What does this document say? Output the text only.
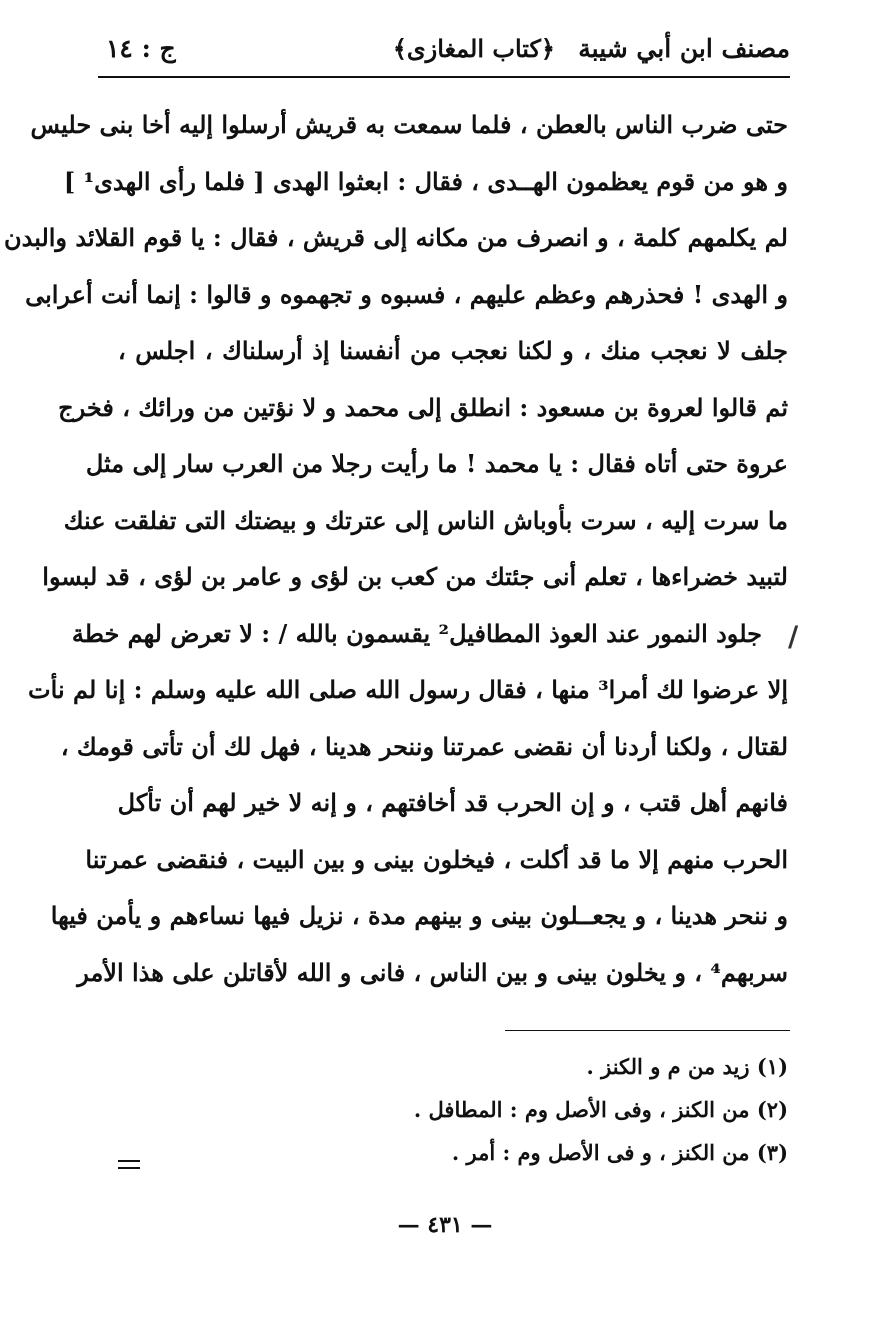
مصنف ابن أبي شيبة
﴿كتاب المغازى﴾
ج : ١٤
حتى ضرب الناس بالعطن ، فلما سمعت به قريش أرسلوا إليه أخا بنى حليس
و هو من قوم يعظمون الهــدى ، فقال : ابعثوا الهدى [ فلما رأى الهدى¹ ]
لم يكلمهم كلمة ، و انصرف من مكانه إلى قريش ، فقال : يا قوم القلائد والبدن
و الهدى ! فحذرهم وعظم عليهم ، فسبوه و تجهموه و قالوا : إنما أنت أعرابى
جلف لا نعجب منك ، و لكنا نعجب من أنفسنا إذ أرسلناك ، اجلس ،
ثم قالوا لعروة بن مسعود : انطلق إلى محمد و لا نؤتين من ورائك ، فخرج
عروة حتى أتاه فقال : يا محمد ! ما رأيت رجلا من العرب سار إلى مثل
ما سرت إليه ، سرت بأوباش الناس إلى عترتك و بيضتك التى تفلقت عنك
لتبيد خضراءها ، تعلم أنى جئتك من كعب بن لؤى و عامر بن لؤى ، قد لبسوا
جلود النمور عند العوذ المطافيل² يقسمون بالله / : لا تعرض لهم خطة
إلا عرضوا لك أمرا³ منها ، فقال رسول الله صلى الله عليه وسلم : إنا لم نأت
لقتال ، ولكنا أردنا أن نقضى عمرتنا وننحر هدينا ، فهل لك أن تأتى قومك ،
فانهم أهل قتب ، و إن الحرب قد أخافتهم ، و إنه لا خير لهم أن تأكل
الحرب منهم إلا ما قد أكلت ، فيخلون بينى و بين البيت ، فنقضى عمرتنا
و ننحر هدينا ، و يجعــلون بينى و بينهم مدة ، نزيل فيها نساءهم و يأمن فيها
سربهم⁴ ، و يخلون بينى و بين الناس ، فانى و الله لأقاتلن على هذا الأمر
/
(١) زيد من م و الكنز .
(٢) من الكنز ، وفى الأصل وم : المطافل .
(٣) من الكنز ، و فى الأصل وم : أمر .
— ٤٣١ —
